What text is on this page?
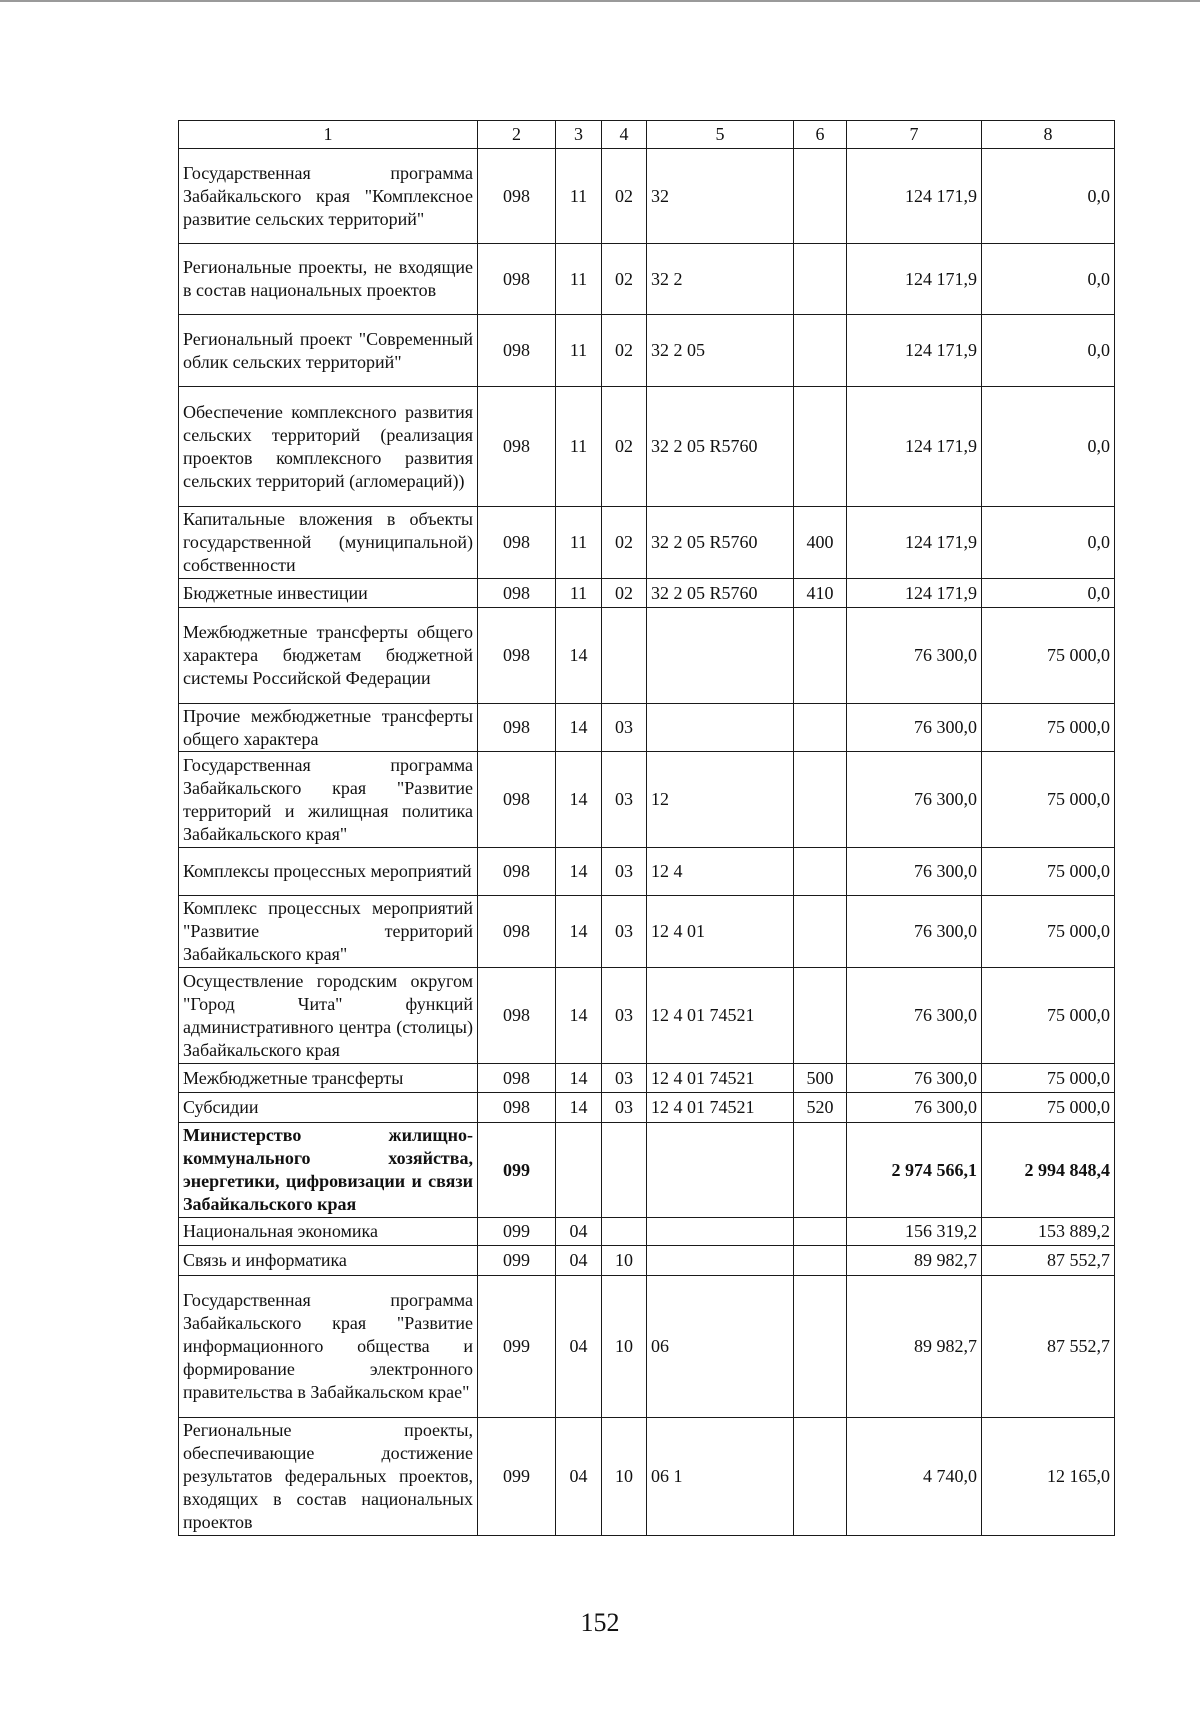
1	2	3	4	5	6	7	8
Государственная программа Забайкальского края "Комплексное развитие сельских территорий"	098	11	02	32		124 171,9	0,0
Региональные проекты, не входящие в состав национальных проектов	098	11	02	32 2		124 171,9	0,0
Региональный проект "Современный облик сельских территорий"	098	11	02	32 2 05		124 171,9	0,0
Обеспечение комплексного развития сельских территорий (реализация проектов комплексного развития сельских территорий (агломераций))	098	11	02	32 2 05 R5760		124 171,9	0,0
Капитальные вложения в объекты государственной (муниципальной) собственности	098	11	02	32 2 05 R5760	400	124 171,9	0,0
Бюджетные инвестиции	098	11	02	32 2 05 R5760	410	124 171,9	0,0
Межбюджетные трансферты общего характера бюджетам бюджетной системы Российской Федерации	098	14				76 300,0	75 000,0
Прочие межбюджетные трансферты общего характера	098	14	03			76 300,0	75 000,0
Государственная программа Забайкальского края "Развитие территорий и жилищная политика Забайкальского края"	098	14	03	12		76 300,0	75 000,0
Комплексы процессных мероприятий	098	14	03	12 4		76 300,0	75 000,0
Комплекс процессных мероприятий "Развитие территорий Забайкальского края"	098	14	03	12 4 01		76 300,0	75 000,0
Осуществление городским округом "Город Чита" функций административного центра (столицы) Забайкальского края	098	14	03	12 4 01 74521		76 300,0	75 000,0
Межбюджетные трансферты	098	14	03	12 4 01 74521	500	76 300,0	75 000,0
Субсидии	098	14	03	12 4 01 74521	520	76 300,0	75 000,0
Министерство жилищно-коммунального хозяйства, энергетики, цифровизации и связи Забайкальского края	099					2 974 566,1	2 994 848,4
Национальная экономика	099	04				156 319,2	153 889,2
Связь и информатика	099	04	10			89 982,7	87 552,7
Государственная программа Забайкальского края "Развитие информационного общества и формирование электронного правительства в Забайкальском крае"	099	04	10	06		89 982,7	87 552,7
Региональные проекты, обеспечивающие достижение результатов федеральных проектов, входящих в состав национальных проектов	099	04	10	06 1		4 740,0	12 165,0
152
